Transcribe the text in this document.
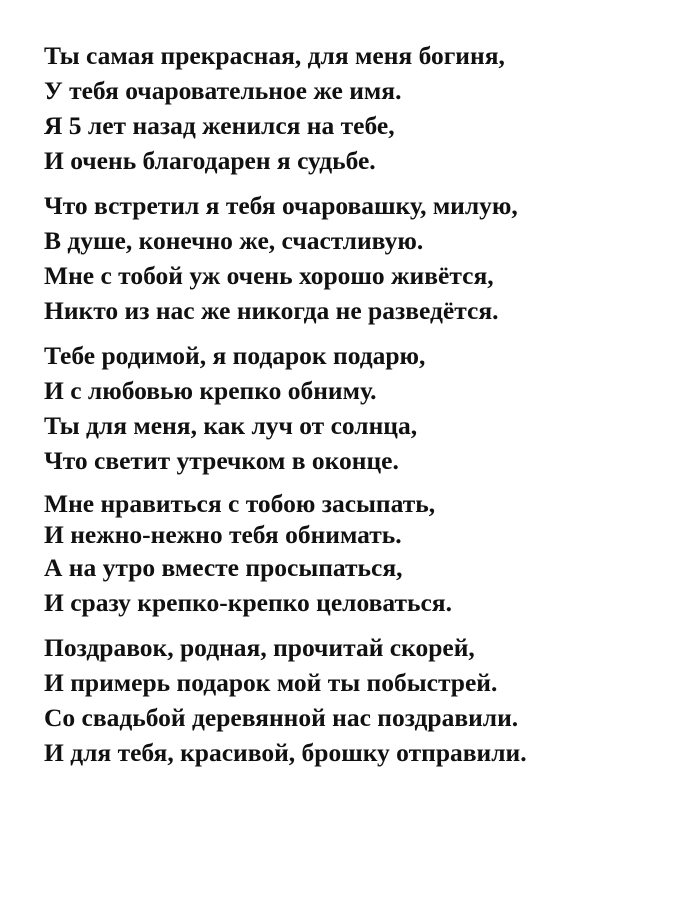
Ты самая прекрасная, для меня богиня,
У тебя очаровательное же имя.
Я 5 лет назад женился на тебе,
И очень благодарен я судьбе.
Что встретил я тебя очаровашку, милую,
В душе, конечно же, счастливую.
Мне с тобой уж очень хорошо живётся,
Никто из нас же никогда не разведётся.
Тебе родимой, я подарок подарю,
И с любовью крепко обниму.
Ты для меня, как луч от солнца,
Что светит утречком в оконце.
Мне нравиться с тобою засыпать,
И нежно-нежно тебя обнимать.
А на утро вместе просыпаться,
И сразу крепко-крепко целоваться.
Поздравок, родная, прочитай скорей,
И примерь подарок мой ты побыстрей.
Со свадьбой деревянной нас поздравили.
И для тебя, красивой, брошку отправили.
